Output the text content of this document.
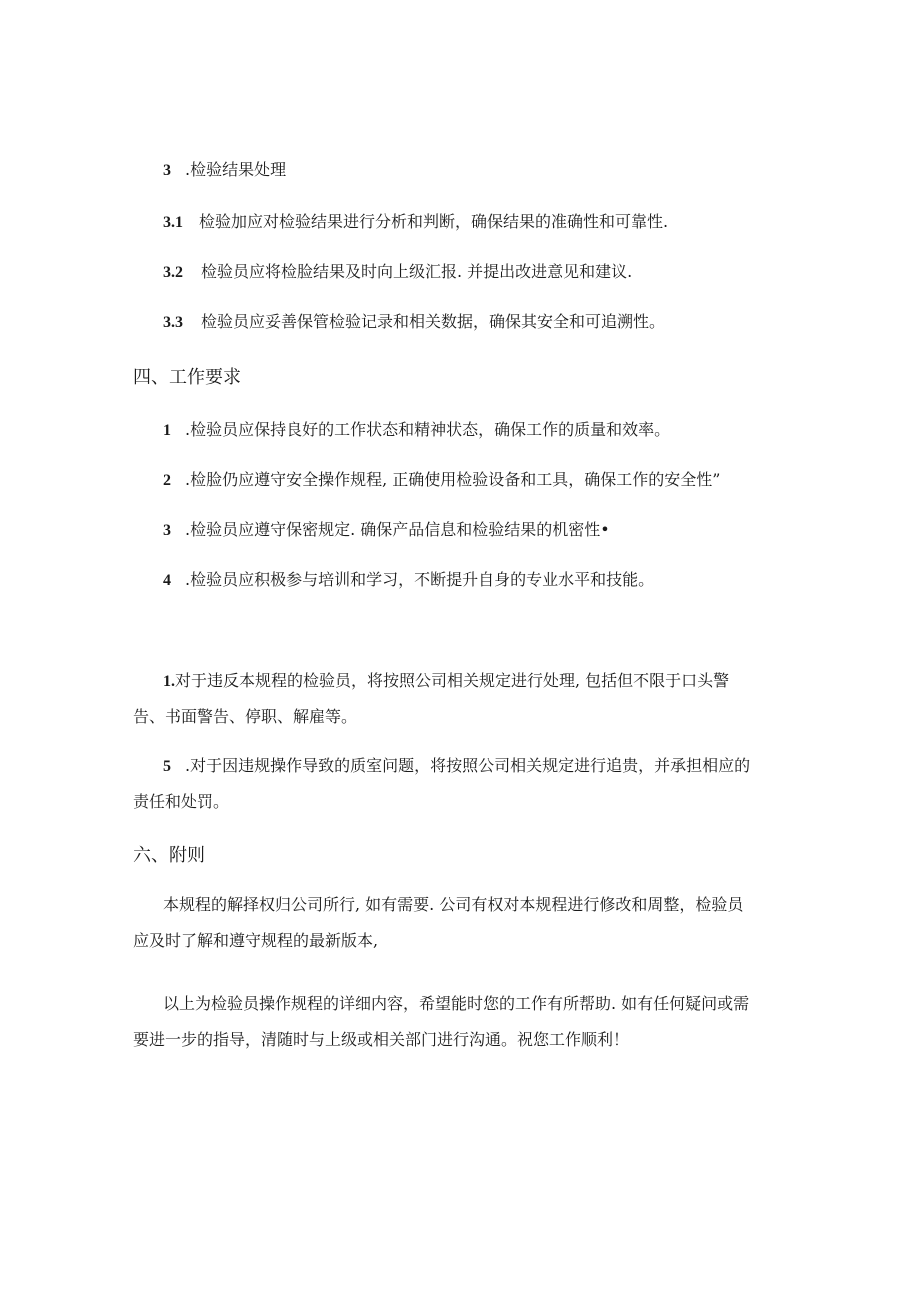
3 .检验结果处理
3.1 检验加应对检验结果进行分析和判断，确保结果的准确性和可靠性.
3.2 检验员应将检脸结果及时向上级汇报. 并提出改进意见和建议.
3.3 检验员应妥善保管检验记录和相关数据，确保其安全和可追溯性。
四、工作要求
1 .检验员应保持良好的工作状态和精神状态，确保工作的质量和效率。
2 .检脸仍应遵守安全操作规程, 正确使用检验设备和工具，确保工作的安全性”
3 .检验员应遵守保密规定. 确保产品信息和检验结果的机密性•
4 .检验员应积极参与培训和学习，不断提升自身的专业水平和技能。
1.对于违反本规程的检验员，将按照公司相关规定进行处理, 包括但不限于口头警
告、书面警告、停职、解雇等。
5 .对于因违规操作导致的质室问题，将按照公司相关规定进行追贵，并承担相应的
责任和处罚。
六、附则
本规程的解择权归公司所行, 如有需要. 公司有权对本规程进行修改和周整，检验员
应及时了解和遵守规程的最新版本,
以上为检验员操作规程的详细内容，希望能时您的工作有所帮助. 如有任何疑问或需
要进一步的指导，清随时与上级或相关部门进行沟通。祝您工作顺利！
